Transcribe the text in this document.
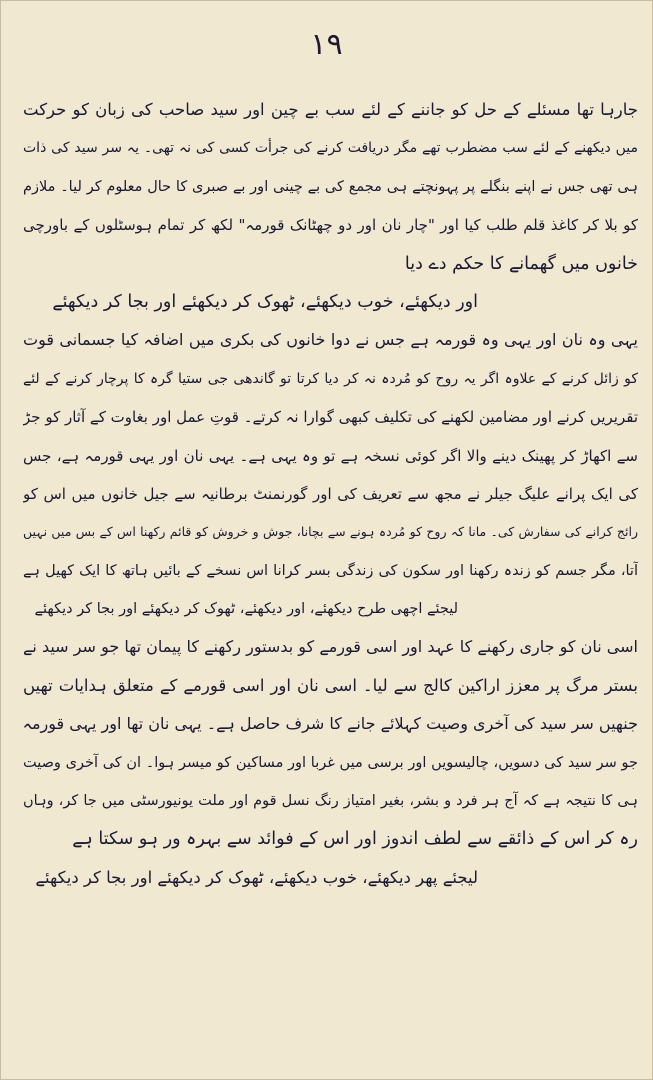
۱۹
جارہا تھا مسئلے کے حل کو جاننے کے لئے سب بے چین اور سید صاحب کی زبان کو حرکت
میں دیکھنے کے لئے سب مضطرب تھے مگر دریافت کرنے کی جرأت کسی کی نہ تھی۔ یہ سر سید کی ذات
ہی تھی جس نے اپنے بنگلے پر پہونچتے ہی مجمع کی بے چینی اور بے صبری کا حال معلوم کر لیا۔ ملازم
کو بلا کر کاغذ قلم طلب کیا اور "چار نان اور دو چھٹانک قورمہ" لکھ کر تمام ہوسٹلوں کے باورچی
خانوں میں گھمانے کا حکم دے دیا
اور دیکھئے، خوب دیکھئے، ٹھوک کر دیکھئے اور بجا کر دیکھئے
یہی وہ نان اور یہی وہ قورمہ ہے جس نے دوا خانوں کی بکری میں اضافہ کیا جسمانی قوت
کو زائل کرنے کے علاوہ اگر یہ روح کو مُردہ نہ کر دیا کرتا تو گاندھی جی ستیا گرہ کا پرچار کرنے کے لئے
تقریریں کرنے اور مضامین لکھنے کی تکلیف کبھی گوارا نہ کرتے۔ قوتِ عمل اور بغاوت کے آثار کو جڑ
سے اکھاڑ کر پھینک دینے والا اگر کوئی نسخہ ہے تو وہ یہی ہے۔ یہی نان اور یہی قورمہ ہے، جس
کی ایک پرانے علیگ جیلر نے مجھ سے تعریف کی اور گورنمنٹ برطانیہ سے جیل خانوں میں اس کو
رائج کرانے کی سفارش کی۔ مانا کہ روح کو مُردہ ہونے سے بچانا، جوش و خروش کو قائم رکھنا اس کے بس میں نہیں
آتا، مگر جسم کو زندہ رکھنا اور سکون کی زندگی بسر کرانا اس نسخے کے بائیں ہاتھ کا ایک کھیل ہے
لیجئے اچھی طرح دیکھئے، اور دیکھئے، ٹھوک کر دیکھئے اور بجا کر دیکھئے
اسی نان کو جاری رکھنے کا عہد اور اسی قورمے کو بدستور رکھنے کا پیمان تھا جو سر سید نے
بستر مرگ پر معزز اراکین کالج سے لیا۔ اسی نان اور اسی قورمے کے متعلق ہدایات تھیں
جنھیں سر سید کی آخری وصیت کہلائے جانے کا شرف حاصل ہے۔ یہی نان تھا اور یہی قورمہ
جو سر سید کی دسویں، چالیسویں اور برسی میں غربا اور مساکین کو میسر ہوا۔ ان کی آخری وصیت
ہی کا نتیجہ ہے کہ آج ہر فرد و بشر، بغیر امتیاز رنگ نسل قوم اور ملت یونیورسٹی میں جا کر، وہاں
رہ کر اس کے ذائقے سے لطف اندوز اور اس کے فوائد سے بہرہ ور ہو سکتا ہے
لیجئے پھر دیکھئے، خوب دیکھئے، ٹھوک کر دیکھئے اور بجا کر دیکھئے
